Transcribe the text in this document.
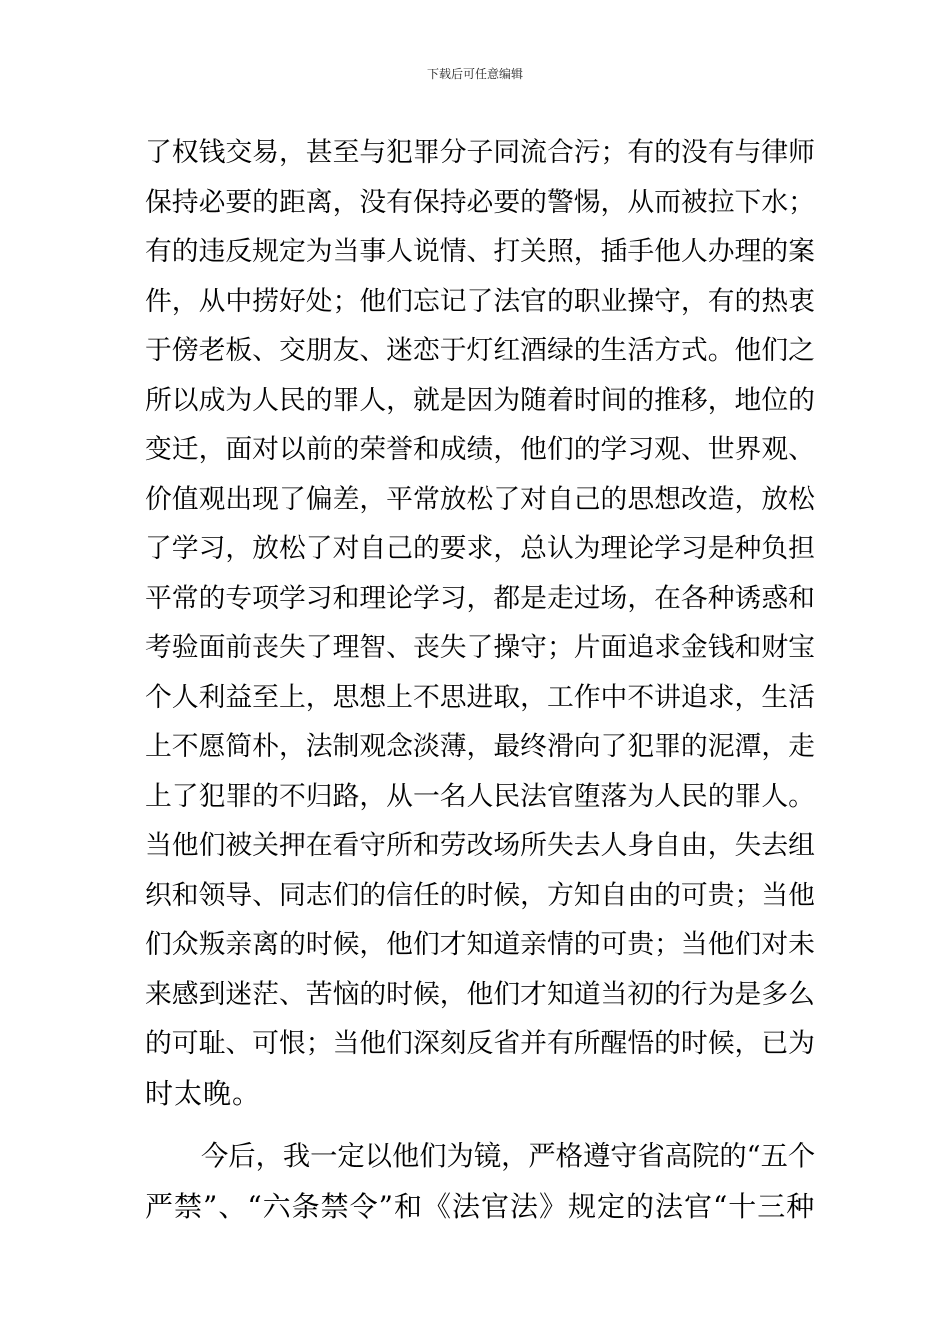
下载后可任意编辑
了权钱交易，甚至与犯罪分子同流合污；有的没有与律师
保持必要的距离，没有保持必要的警惕，从而被拉下水；
有的违反规定为当事人说情、打关照，插手他人办理的案
件，从中捞好处；他们忘记了法官的职业操守，有的热衷
于傍老板、交朋友、迷恋于灯红酒绿的生活方式。他们之
所以成为人民的罪人，就是因为随着时间的推移，地位的
变迁，面对以前的荣誉和成绩，他们的学习观、世界观、
价值观出现了偏差，平常放松了对自己的思想改造，放松
了学习，放松了对自己的要求，总认为理论学习是种负担
平常的专项学习和理论学习，都是走过场，在各种诱惑和
考验面前丧失了理智、丧失了操守；片面追求金钱和财宝
个人利益至上，思想上不思进取，工作中不讲追求，生活
上不愿简朴，法制观念淡薄，最终滑向了犯罪的泥潭，走
上了犯罪的不归路，从一名人民法官堕落为人民的罪人。
当他们被关押在看守所和劳改场所失去人身自由，失去组
织和领导、同志们的信任的时候，方知自由的可贵；当他
们众叛亲离的时候，他们才知道亲情的可贵；当他们对未
来感到迷茫、苦恼的时候，他们才知道当初的行为是多么
的可耻、可恨；当他们深刻反省并有所醒悟的时候，已为
时太晚。
今后，我一定以他们为镜，严格遵守省高院的“五个
严禁”、“六条禁令”和《法官法》规定的法官“十三种
